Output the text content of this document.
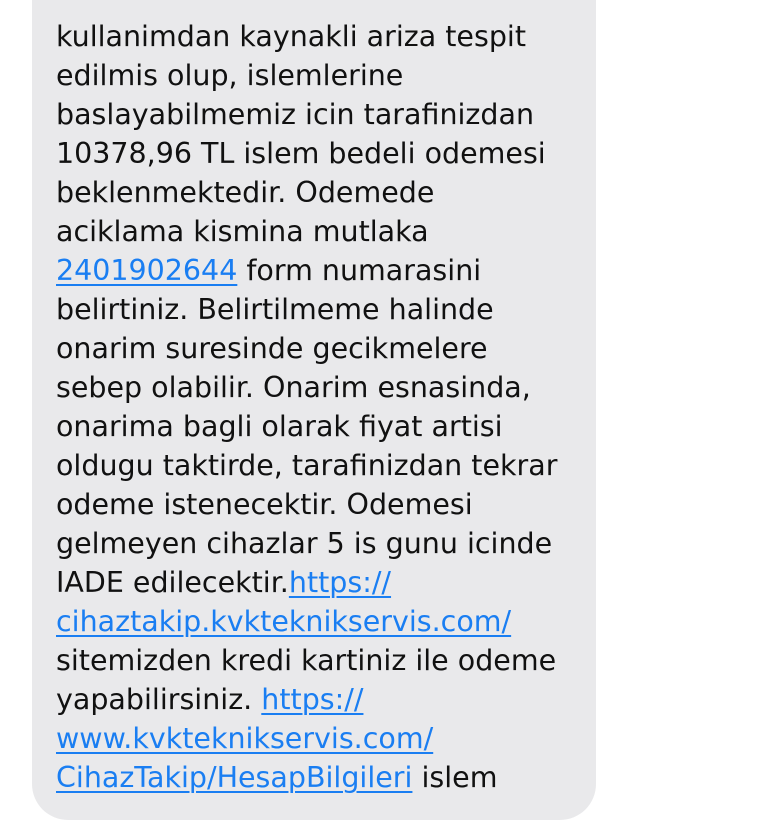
kullanimdan kaynakli ariza tespit
edilmis olup, islemlerine
baslayabilmemiz icin tarafinizdan
10378,96 TL islem bedeli odemesi
beklenmektedir. Odemede
aciklama kismina mutlaka
2401902644 form numarasini
belirtiniz. Belirtilmeme halinde
onarim suresinde gecikmelere
sebep olabilir. Onarim esnasinda,
onarima bagli olarak fiyat artisi
oldugu taktirde, tarafinizdan tekrar
odeme istenecektir. Odemesi
gelmeyen cihazlar 5 is gunu icinde
IADE edilecektir.https://
cihaztakip.kvkteknikservis.com/
sitemizden kredi kartiniz ile odeme
yapabilirsiniz. https://
www.kvkteknikservis.com/
CihazTakip/HesapBilgileri islem
